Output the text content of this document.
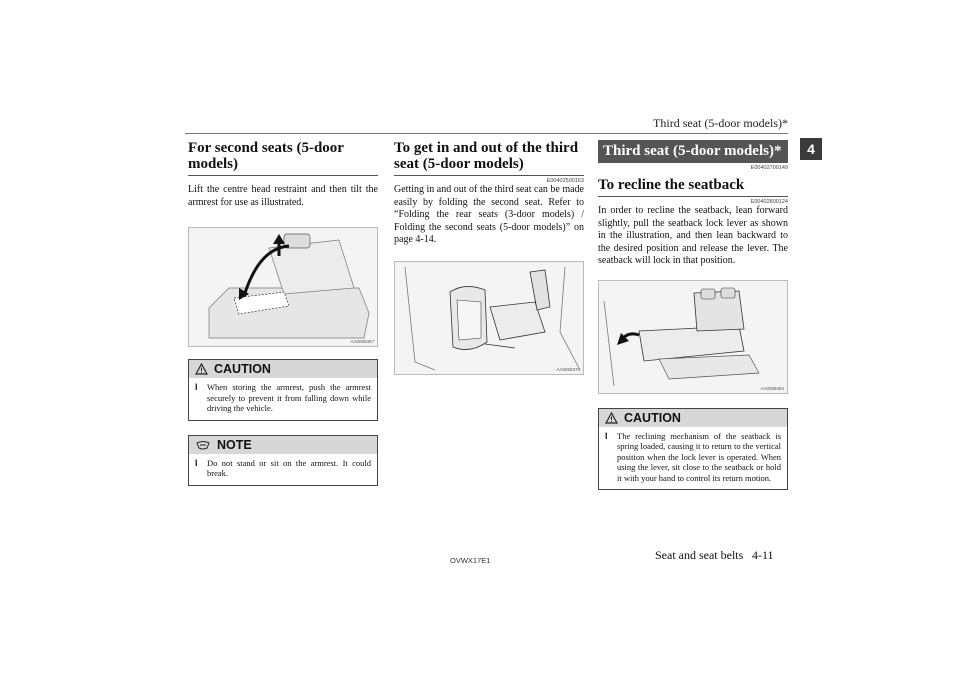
Third seat (5-door models)*
4
For second seats (5-door models)

Lift the centre head restraint and then tilt the armrest for use as illustrated.

AA0059367
CAUTION
l	When storing the armrest, push the armrest securely to prevent it from falling down while driving the vehicle.
NOTE
l	Do not stand or sit on the armrest. It could break.
To get in and out of the third seat (5-door models)
E00402500163

Getting in and out of the third seat can be made easily by folding the second seat. Refer to “Folding the rear seats (3-door models) / Folding the second seats (5-door models)” on page 4-14.

AA0059370
Third seat (5-door models)*
E00402700149
To recline the seatback
E00402800124

In order to recline the seatback, lean forward slightly, pull the seatback lock lever as shown in the illustration, and then lean backward to the desired position and release the lever. The seatback will lock in that position.

AA0059484
CAUTION
l	The reclining mechanism of the seatback is spring loaded, causing it to return to the vertical position when the lock lever is operated. When using the lever, sit close to the seatback or hold it with your hand to control its return motion.
OVWX17E1	Seat and seat belts 4-11
